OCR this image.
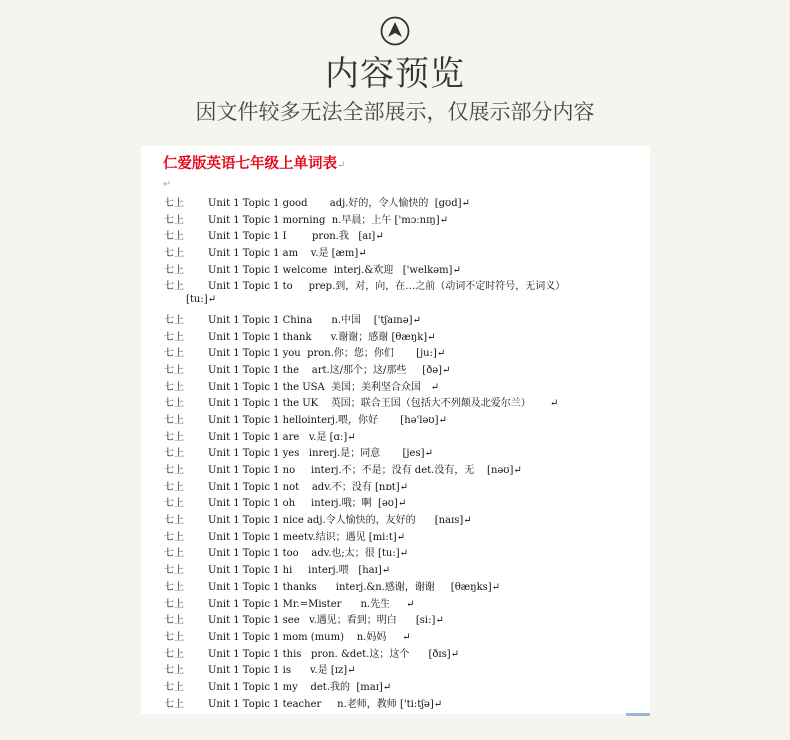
内容预览
因文件较多无法全部展示，仅展示部分内容
仁爱版英语七年级上单词表↵
↵
七上 Unit 1 Topic 1 good       adj.好的，令人愉快的  [gʊd]↵
七上 Unit 1 Topic 1 morning  n.早晨；上午 ['mɔːnɪŋ]↵
七上 Unit 1 Topic 1 I        pron.我   [aɪ]↵
七上 Unit 1 Topic 1 am    v.是 [æm]↵
七上 Unit 1 Topic 1 welcome  interj.&欢迎   ['welkəm]↵
七上 Unit 1 Topic 1 to     prep.到，对，向，在…之前（动词不定时符号，无词义）
[tu:]↵
七上 Unit 1 Topic 1 China      n.中国    ['tʃaɪnə]↵
七上 Unit 1 Topic 1 thank      v.谢谢；感谢 [θæŋk]↵
七上 Unit 1 Topic 1 you  pron.你；您；你们       [ju:]↵
七上 Unit 1 Topic 1 the    art.这/那个；这/那些     [ðə]↵
七上 Unit 1 Topic 1 the USA  美国；美利坚合众国   ↵
七上 Unit 1 Topic 1 the UK    英国；联合王国（包括大不列颠及北爱尔兰）      ↵
七上 Unit 1 Topic 1 hellointerj.喂，你好       [hə'ləʊ]↵
七上 Unit 1 Topic 1 are   v.是 [ɑː]↵
七上 Unit 1 Topic 1 yes   inrerj.是；同意       [jes]↵
七上 Unit 1 Topic 1 no     interj.不；不是；没有 det.没有，无    [nəʊ]↵
七上 Unit 1 Topic 1 not    adv.不；没有 [nɒt]↵
七上 Unit 1 Topic 1 oh     interj.哦；啊  [əʊ]↵
七上 Unit 1 Topic 1 nice adj.令人愉快的，友好的      [naɪs]↵
七上 Unit 1 Topic 1 meetv.结识；遇见 [mi:t]↵
七上 Unit 1 Topic 1 too    adv.也;太；很 [tu:]↵
七上 Unit 1 Topic 1 hi     interj.喂   [haɪ]↵
七上 Unit 1 Topic 1 thanks      interj.&n.感谢，谢谢     [θæŋks]↵
七上 Unit 1 Topic 1 Mr.=Mister      n.先生     ↵
七上 Unit 1 Topic 1 see   v.遇见；看到；明白      [si:]↵
七上 Unit 1 Topic 1 mom (mum)    n.妈妈     ↵
七上 Unit 1 Topic 1 this   pron. &det.这；这个      [ðɪs]↵
七上 Unit 1 Topic 1 is      v.是 [ɪz]↵
七上 Unit 1 Topic 1 my    det.我的  [maɪ]↵
七上 Unit 1 Topic 1 teacher     n.老师，教师 ['ti:tʃə]↵
